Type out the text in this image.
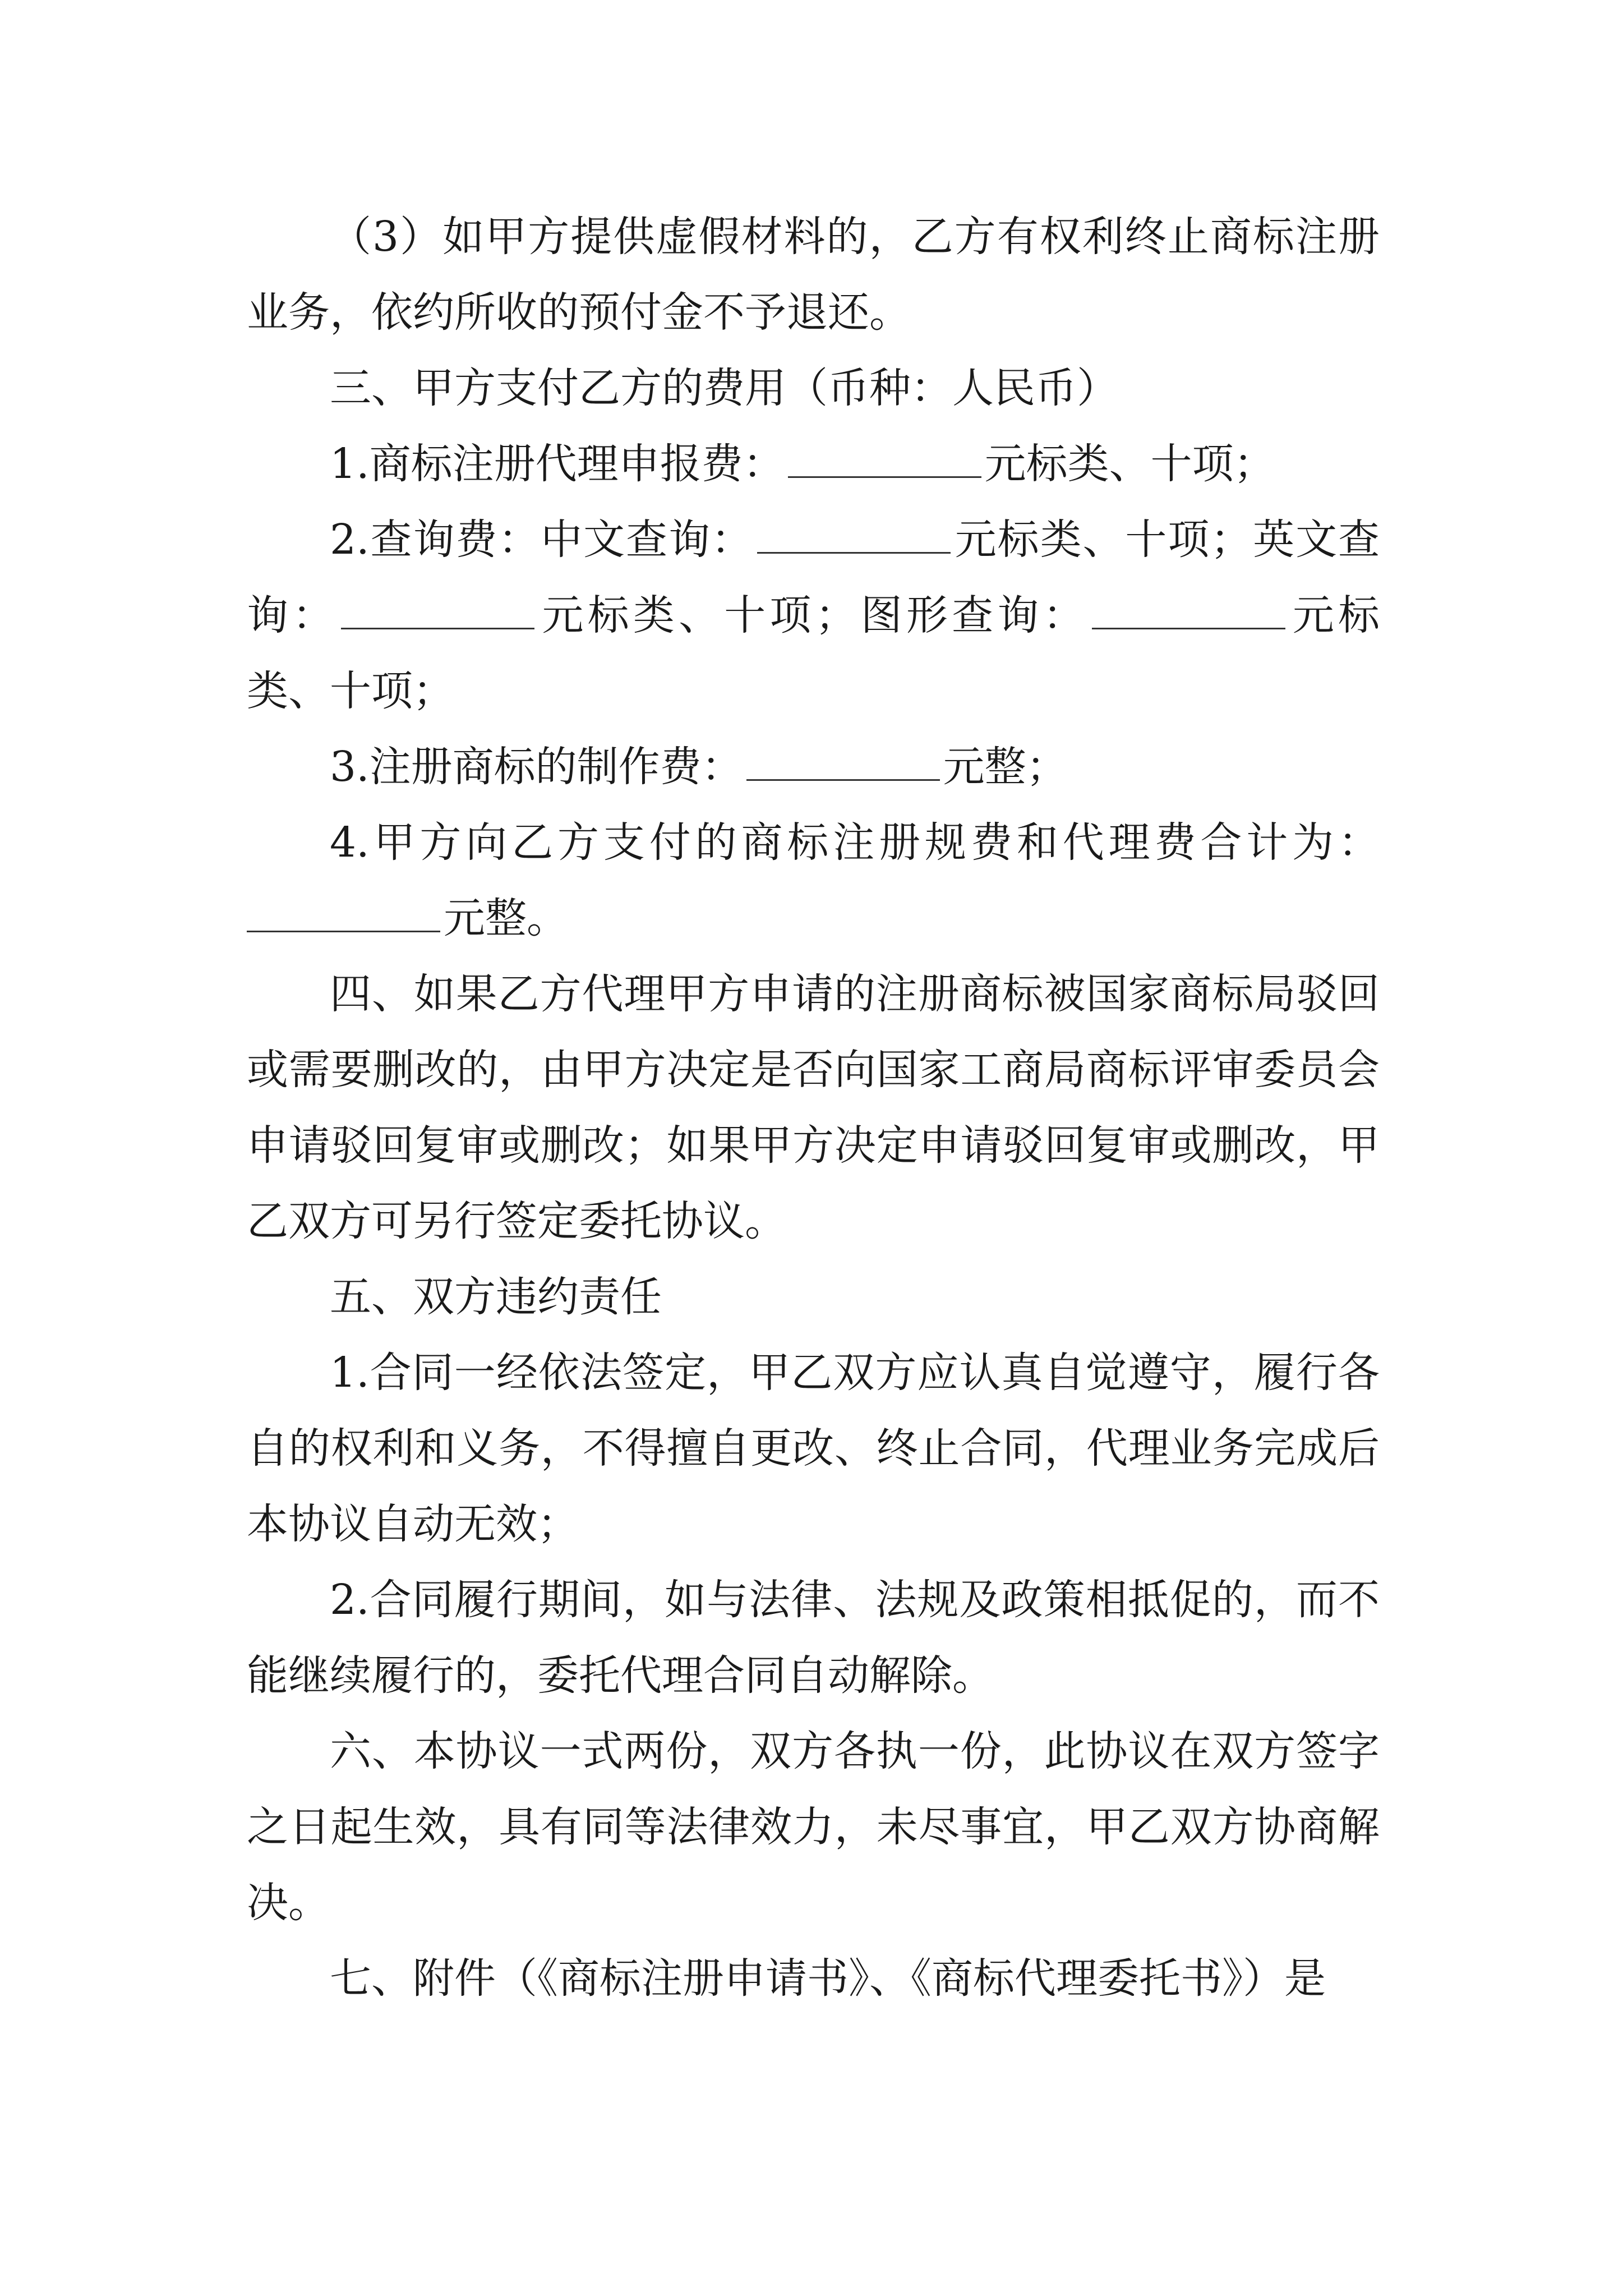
（3）如甲方提供虚假材料的，乙方有权利终止商标注册业务，依约所收的预付金不予退还。

三、甲方支付乙方的费用（币种：人民币）

1.商标注册代理申报费：	元标类、十项；

2.查询费：中文查询：	元标类、十项；英文查询：	元标类、十项；图形查询：	元标类、十项；

3.注册商标的制作费：	元整；

4.甲方向乙方支付的商标注册规费和代理费合计为：元整。

四、如果乙方代理甲方申请的注册商标被国家商标局驳回或需要删改的，由甲方决定是否向国家工商局商标评审委员会申请驳回复审或删改；如果甲方决定申请驳回复审或删改，甲乙双方可另行签定委托协议。

五、双方违约责任

1.合同一经依法签定，甲乙双方应认真自觉遵守，履行各自的权利和义务，不得擅自更改、终止合同，代理业务完成后本协议自动无效；

2.合同履行期间，如与法律、法规及政策相抵促的，而不能继续履行的，委托代理合同自动解除。

六、本协议一式两份，双方各执一份，此协议在双方签字之日起生效，具有同等法律效力，未尽事宜，甲乙双方协商解决。

七、附件（《商标注册申请书》、《商标代理委托书》）是
